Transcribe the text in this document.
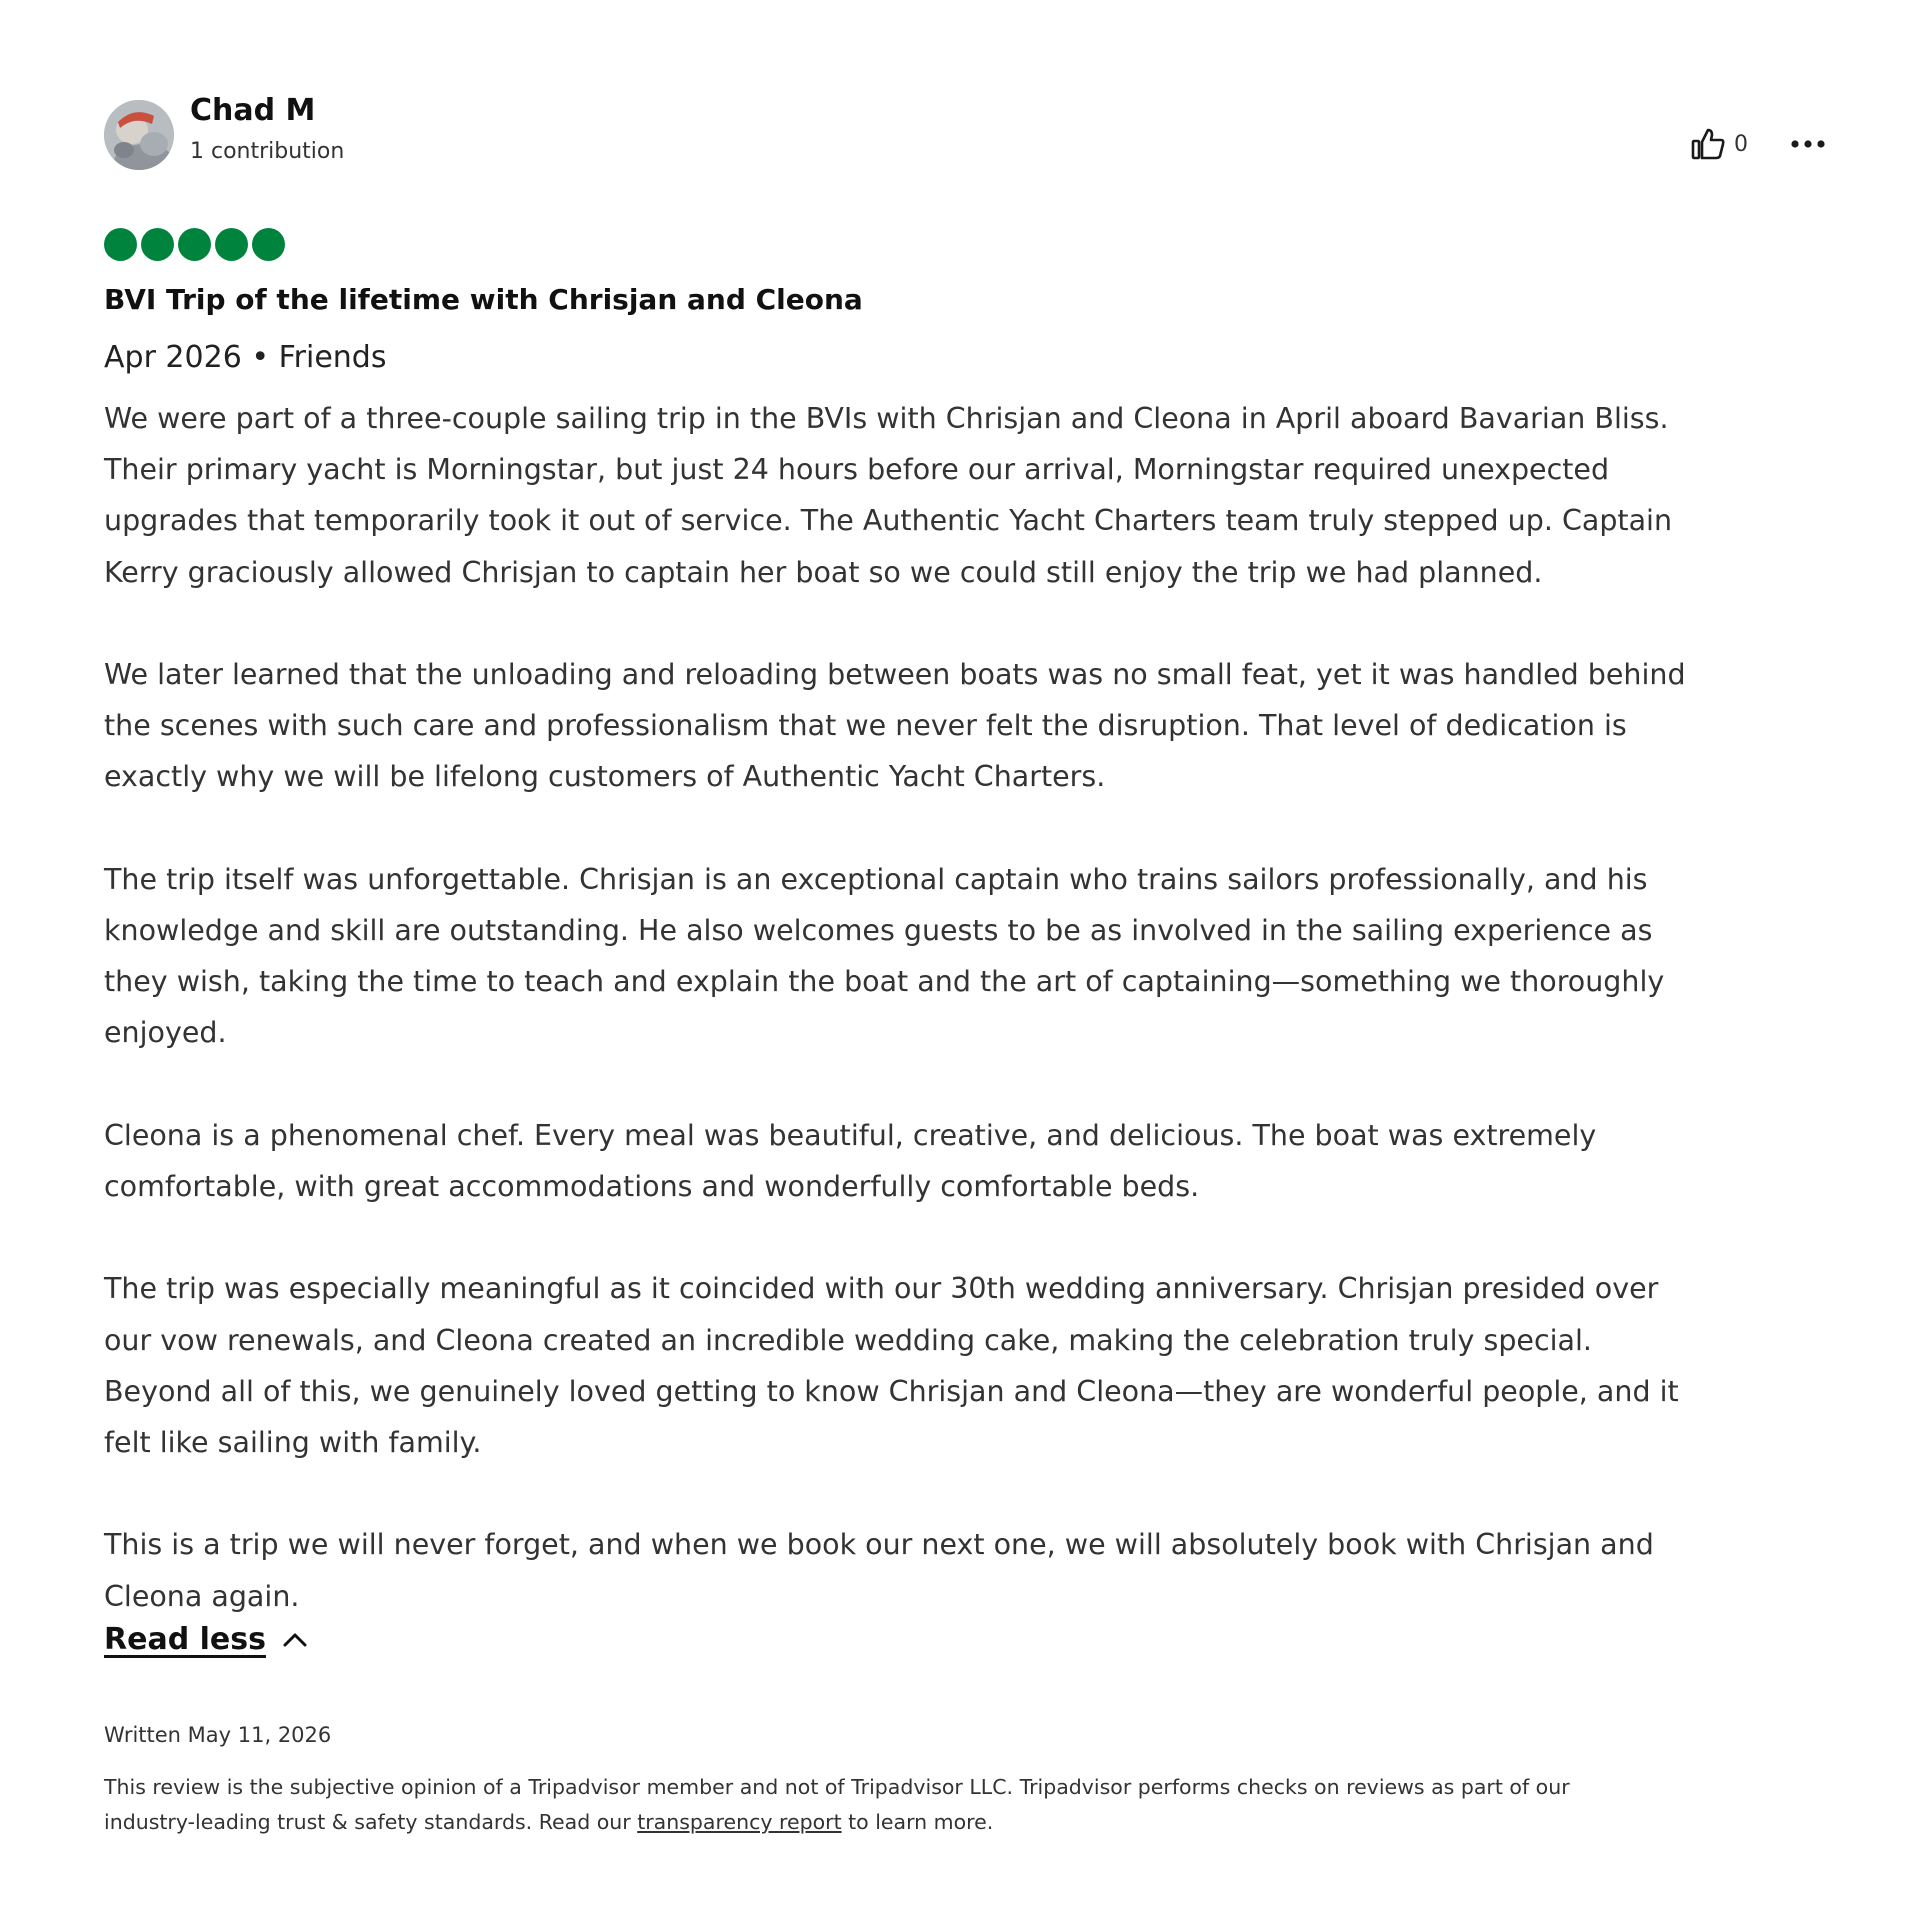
Chad M
1 contribution	0
BVI Trip of the lifetime with Chrisjan and Cleona
Apr 2026 • Friends

We were part of a three-couple sailing trip in the BVIs with Chrisjan and Cleona in April aboard Bavarian Bliss.
Their primary yacht is Morningstar, but just 24 hours before our arrival, Morningstar required unexpected
upgrades that temporarily took it out of service. The Authentic Yacht Charters team truly stepped up. Captain
Kerry graciously allowed Chrisjan to captain her boat so we could still enjoy the trip we had planned.

We later learned that the unloading and reloading between boats was no small feat, yet it was handled behind
the scenes with such care and professionalism that we never felt the disruption. That level of dedication is
exactly why we will be lifelong customers of Authentic Yacht Charters.

The trip itself was unforgettable. Chrisjan is an exceptional captain who trains sailors professionally, and his
knowledge and skill are outstanding. He also welcomes guests to be as involved in the sailing experience as
they wish, taking the time to teach and explain the boat and the art of captaining—something we thoroughly
enjoyed.

Cleona is a phenomenal chef. Every meal was beautiful, creative, and delicious. The boat was extremely
comfortable, with great accommodations and wonderfully comfortable beds.

The trip was especially meaningful as it coincided with our 30th wedding anniversary. Chrisjan presided over
our vow renewals, and Cleona created an incredible wedding cake, making the celebration truly special.
Beyond all of this, we genuinely loved getting to know Chrisjan and Cleona—they are wonderful people, and it
felt like sailing with family.

This is a trip we will never forget, and when we book our next one, we will absolutely book with Chrisjan and
Cleona again.

Read less
Written May 11, 2026
This review is the subjective opinion of a Tripadvisor member and not of Tripadvisor LLC. Tripadvisor performs checks on reviews as part of our
industry-leading trust & safety standards. Read our transparency report to learn more.
